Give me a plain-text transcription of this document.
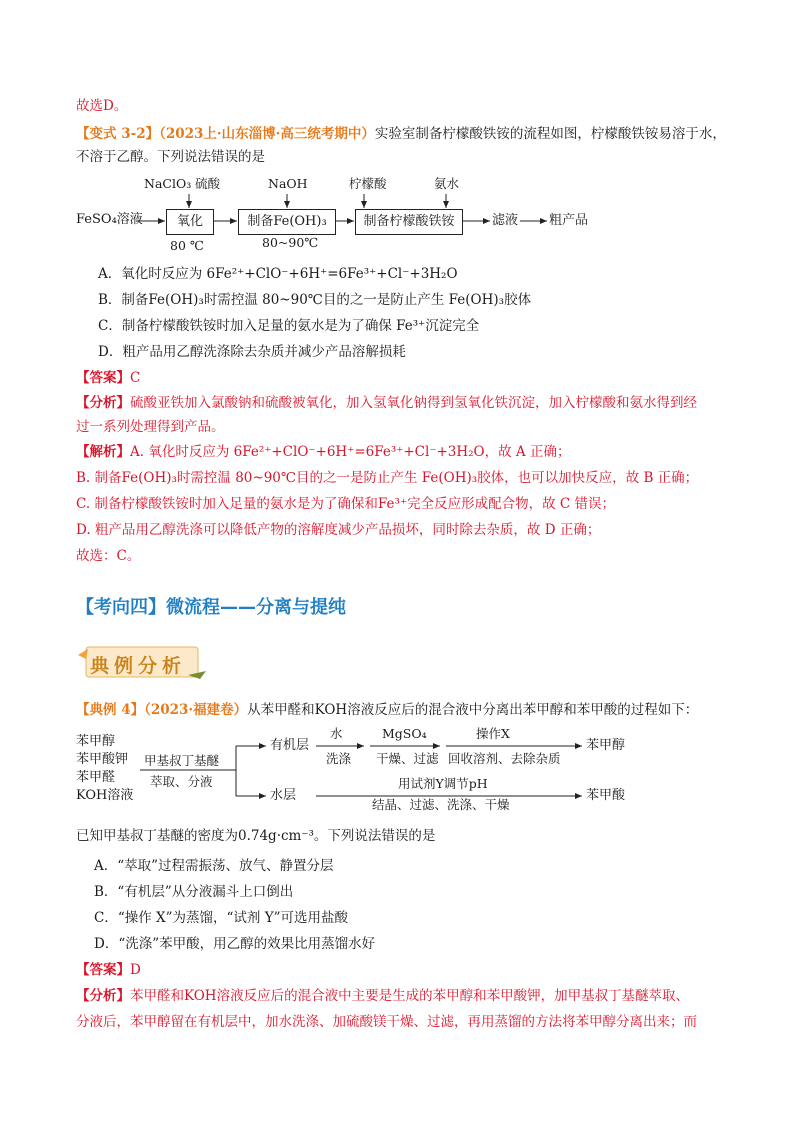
故选D。
【变式 3-2】（2023上·山东淄博·高三统考期中）实验室制备柠檬酸铁铵的流程如图，柠檬酸铁铵易溶于水，
不溶于乙醇。下列说法错误的是
FeSO₄溶液
NaClO₃ 硫酸
氧化
80 ℃
NaOH
制备Fe(OH)₃
80~90℃
柠檬酸	氨水
制备柠檬酸铁铵	滤液 粗产品
A．氧化时反应为 6Fe²⁺+ClO⁻+6H⁺=6Fe³⁺+Cl⁻+3H₂O
B．制备Fe(OH)₃时需控温 80~90℃目的之一是防止产生 Fe(OH)₃胶体
C．制备柠檬酸铁铵时加入足量的氨水是为了确保 Fe³⁺沉淀完全
D．粗产品用乙醇洗涤除去杂质并减少产品溶解损耗
【答案】C
【分析】硫酸亚铁加入氯酸钠和硫酸被氧化，加入氢氧化钠得到氢氧化铁沉淀，加入柠檬酸和氨水得到经
过一系列处理得到产品。
【解析】A. 氧化时反应为 6Fe²⁺+ClO⁻+6H⁺=6Fe³⁺+Cl⁻+3H₂O，故 A 正确；
B. 制备Fe(OH)₃时需控温 80~90℃目的之一是防止产生 Fe(OH)₃胶体，也可以加快反应，故 B 正确；
C. 制备柠檬酸铁铵时加入足量的氨水是为了确保和Fe³⁺完全反应形成配合物，故 C 错误；
D. 粗产品用乙醇洗涤可以降低产物的溶解度减少产品损坏，同时除去杂质，故 D 正确；
故选：C。
【考向四】微流程——分离与提纯
典例分析
【典例 4】（2023·福建卷）从苯甲醛和KOH溶液反应后的混合液中分离出苯甲醇和苯甲酸的过程如下：
苯甲醇
苯甲酸钾
苯甲醛
KOH溶液
甲基叔丁基醚
萃取、分液
有机层
水
洗涤
MgSO₄
干燥、过滤
操作X
回收溶剂、去除杂质
苯甲醇
水层
用试剂Y调节pH
结晶、过滤、洗涤、干燥
苯甲酸
已知甲基叔丁基醚的密度为0.74g·cm⁻³。下列说法错误的是
A．“萃取”过程需振荡、放气、静置分层
B．“有机层”从分液漏斗上口倒出
C．“操作 X”为蒸馏，“试剂 Y”可选用盐酸
D．“洗涤”苯甲酸，用乙醇的效果比用蒸馏水好
【答案】D
【分析】苯甲醛和KOH溶液反应后的混合液中主要是生成的苯甲醇和苯甲酸钾，加甲基叔丁基醚萃取、
分液后，苯甲醇留在有机层中，加水洗涤、加硫酸镁干燥、过滤，再用蒸馏的方法将苯甲醇分离出来；而
